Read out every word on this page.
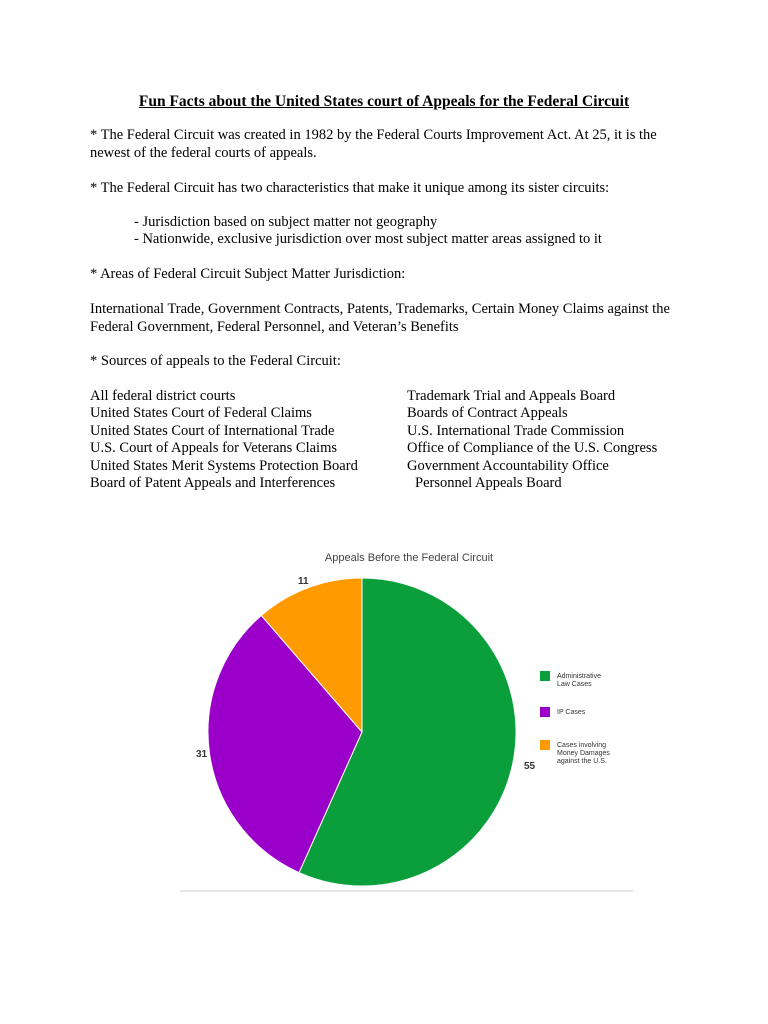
Fun Facts about the United States court of Appeals for the Federal Circuit

* The Federal Circuit was created in 1982 by the Federal Courts Improvement Act. At 25, it is the newest of the federal courts of appeals.

* The Federal Circuit has two characteristics that make it unique among its sister circuits:

- Jurisdiction based on subject matter not geography
- Nationwide, exclusive jurisdiction over most subject matter areas assigned to it

* Areas of Federal Circuit Subject Matter Jurisdiction:

International Trade, Government Contracts, Patents, Trademarks, Certain Money Claims against the Federal Government, Federal Personnel, and Veteran’s Benefits

* Sources of appeals to the Federal Circuit:

All federal district courts
United States Court of Federal Claims
United States Court of International Trade
U.S. Court of Appeals for Veterans Claims
United States Merit Systems Protection Board
Board of Patent Appeals and Interferences
Trademark Trial and Appeals Board
Boards of Contract Appeals
U.S. International Trade Commission
Office of Compliance of the U.S. Congress
Government Accountability Office
Personnel Appeals Board
Appeals Before the Federal Circuit
55
31
11
Administrative Law Cases
IP Cases
Cases involving Money Damages against the U.S.
